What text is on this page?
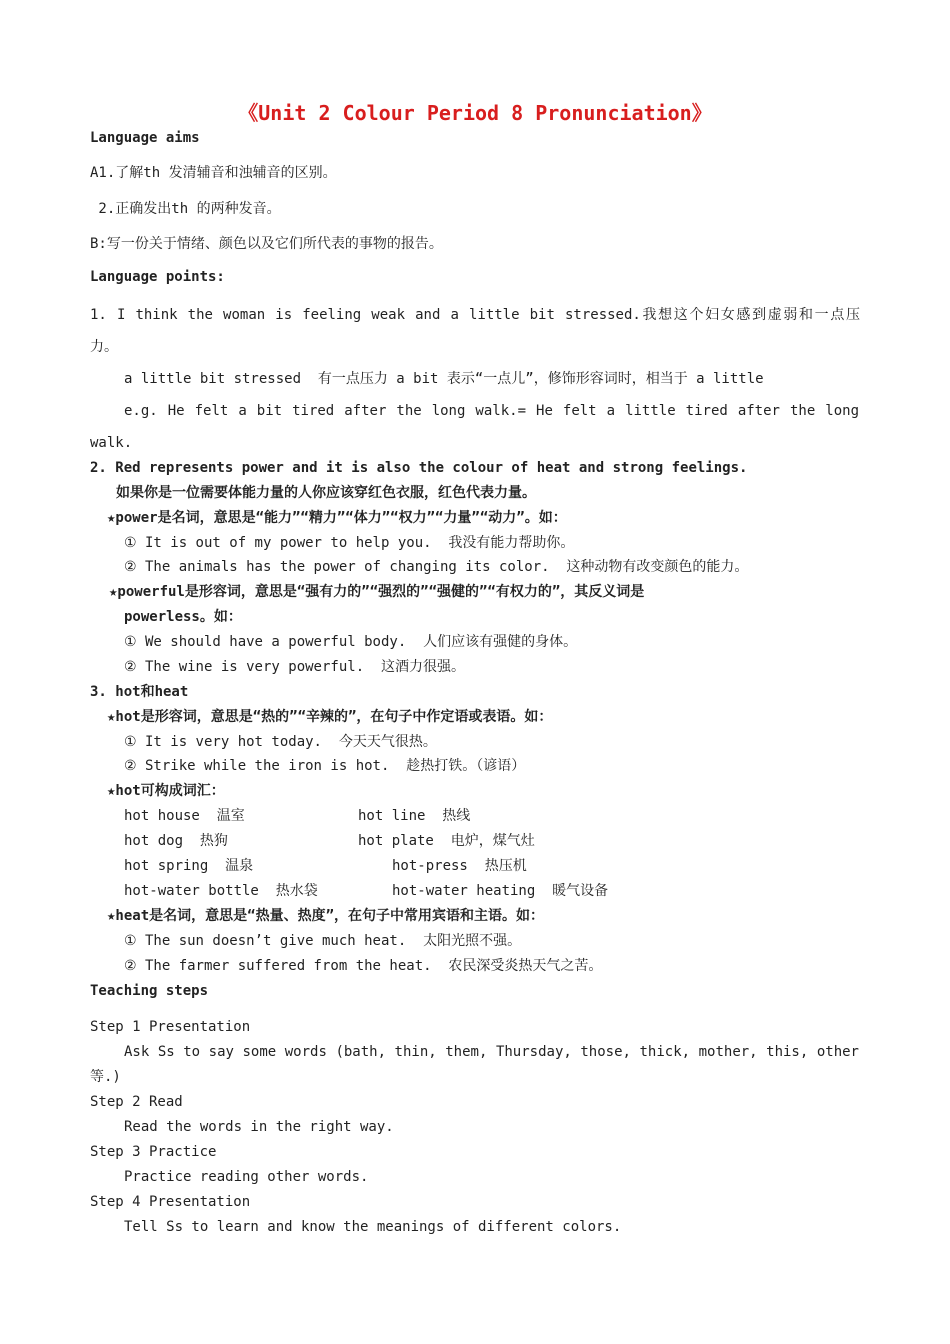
《Unit 2 Colour Period 8 Pronunciation》
Language aims
A1.了解th 发清辅音和浊辅音的区别。
2.正确发出th 的两种发音。
B:写一份关于情绪、颜色以及它们所代表的事物的报告。
Language points:
1. I think the woman is feeling weak and a little bit stressed.我想这个妇女感到虚弱和一点压
力。
a little bit stressed  有一点压力 a bit 表示“一点儿”，修饰形容词时，相当于 a little
e.g. He felt a bit tired after the long walk.= He felt a little tired after the long
walk.
2. Red represents power and it is also the colour of heat and strong feelings.
如果你是一位需要体能力量的人你应该穿红色衣服，红色代表力量。
★power是名词，意思是“能力”“精力”“体力”“权力”“力量”“动力”。如：
① It is out of my power to help you.  我没有能力帮助你。
② The animals has the power of changing its color.  这种动物有改变颜色的能力。
★powerful是形容词，意思是“强有力的”“强烈的”“强健的”“有权力的”，其反义词是
powerless。如：
① We should have a powerful body.  人们应该有强健的身体。
② The wine is very powerful.  这酒力很强。
3. hot和heat
★hot是形容词，意思是“热的”“辛辣的”，在句子中作定语或表语。如：
① It is very hot today.  今天天气很热。
② Strike while the iron is hot.  趁热打铁。（谚语）
★hot可构成词汇：
hot house  温室	hot line  热线
hot dog  热狗	hot plate  电炉，煤气灶
hot spring  温泉	hot-press  热压机
hot-water bottle  热水袋	hot-water heating  暖气设备
★heat是名词，意思是“热量、热度”，在句子中常用宾语和主语。如：
① The sun doesn’t give much heat.  太阳光照不强。
② The farmer suffered from the heat.  农民深受炎热天气之苦。
Teaching steps
Step 1 Presentation
Ask Ss to say some words (bath, thin, them, Thursday, those, thick, mother, this, other
等.)
Step 2 Read
Read the words in the right way.
Step 3 Practice
Practice reading other words.
Step 4 Presentation
Tell Ss to learn and know the meanings of different colors.
